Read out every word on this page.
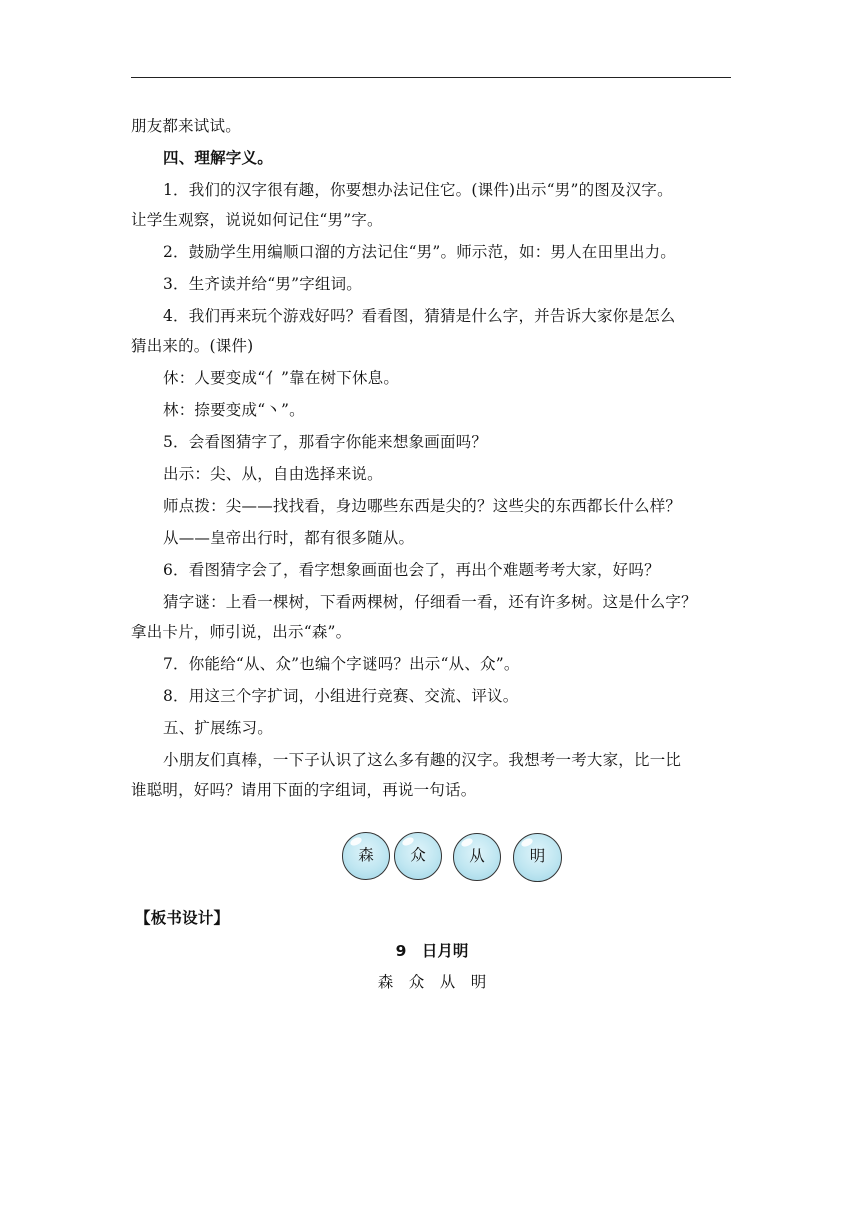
朋友都来试试。
四、理解字义。
1．我们的汉字很有趣，你要想办法记住它。(课件)出示“男”的图及汉字。
让学生观察，说说如何记住“男”字。
2．鼓励学生用编顺口溜的方法记住“男”。师示范，如：男人在田里出力。
3．生齐读并给“男”字组词。
4．我们再来玩个游戏好吗？看看图，猜猜是什么字，并告诉大家你是怎么
猜出来的。(课件)
休：人要变成“亻”靠在树下休息。
林：捺要变成“丶”。
5．会看图猜字了，那看字你能来想象画面吗？
出示：尖、从，自由选择来说。
师点拨：尖——找找看，身边哪些东西是尖的？这些尖的东西都长什么样？
从——皇帝出行时，都有很多随从。
6．看图猜字会了，看字想象画面也会了，再出个难题考考大家，好吗？
猜字谜：上看一棵树，下看两棵树，仔细看一看，还有许多树。这是什么字？
拿出卡片，师引说，出示“森”。
7．你能给“从、众”也编个字谜吗？出示“从、众”。
8．用这三个字扩词，小组进行竞赛、交流、评议。
五、扩展练习。
小朋友们真棒，一下子认识了这么多有趣的汉字。我想考一考大家，比一比
谁聪明，好吗？请用下面的字组词，再说一句话。
森	众	从	明
【板书设计】
9　日月明
森　众　从　明
